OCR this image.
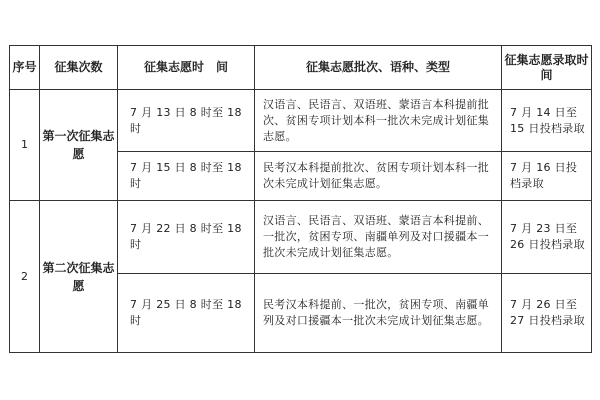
序号	征集次数	征集志愿时　间	征集志愿批次、语种、类型	征集志愿录取时间
1	第一次征集志愿	7 月 13 日 8 时至 18 时	汉语言、民语言、双语班、蒙语言本科提前批次、贫困专项计划本科一批次未完成计划征集志愿。	7 月 14 日至 15 日投档录取
		7 月 15 日 8 时至 18 时	民考汉本科提前批次、贫困专项计划本科一批次未完成计划征集志愿。	7 月 16 日投档录取
2	第二次征集志愿	7 月 22 日 8 时至 18 时	汉语言、民语言、双语班、蒙语言本科提前、一批次，贫困专项、南疆单列及对口援疆本一批次未完成计划征集志愿。	7 月 23 日至 26 日投档录取
		7 月 25 日 8 时至 18 时	民考汉本科提前、一批次，贫困专项、南疆单列及对口援疆本一批次未完成计划征集志愿。	7 月 26 日至 27 日投档录取
